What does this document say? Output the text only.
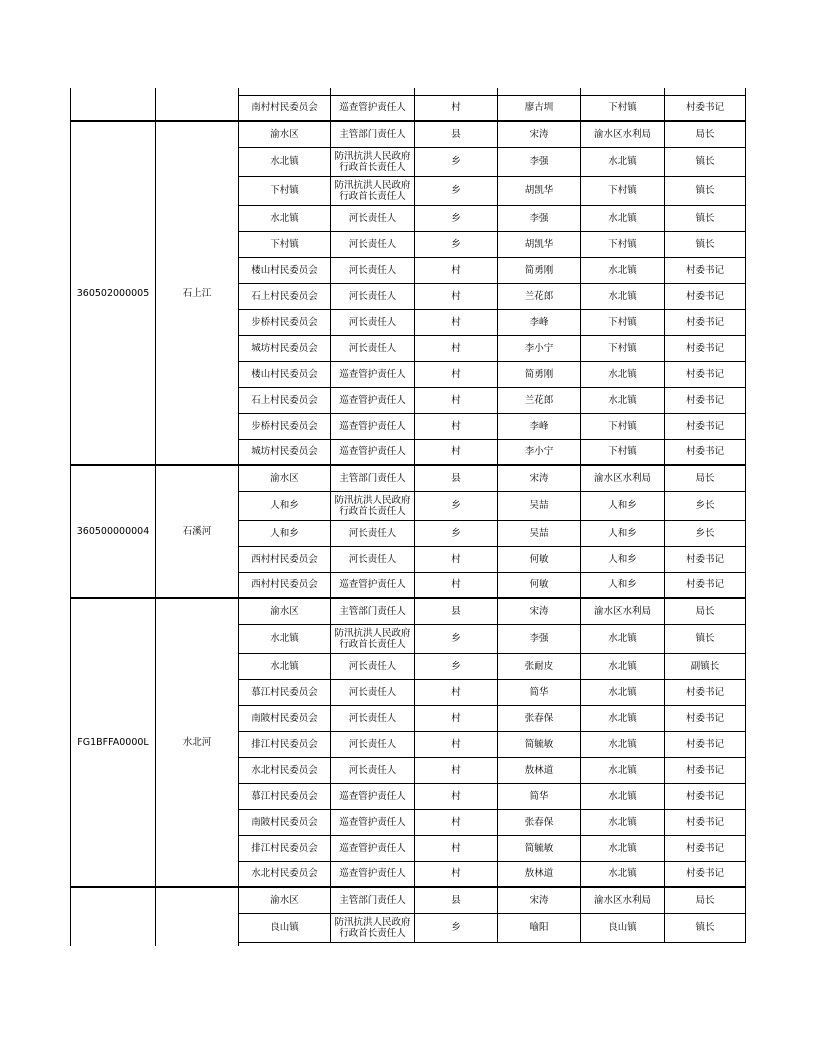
		南村村民委员会	巡查管护责任人	村	廖古圳	下村镇	村委书记
360502000005	石上江	渝水区	主管部门责任人	县	宋涛	渝水区水利局	局长
		水北镇	防汛抗洪人民政府行政首长责任人	乡	李强	水北镇	镇长
		下村镇	防汛抗洪人民政府行政首长责任人	乡	胡凯华	下村镇	镇长
		水北镇	河长责任人	乡	李强	水北镇	镇长
		下村镇	河长责任人	乡	胡凯华	下村镇	镇长
		楼山村民委员会	河长责任人	村	简勇刚	水北镇	村委书记
		石上村民委员会	河长责任人	村	兰花郎	水北镇	村委书记
		步桥村民委员会	河长责任人	村	李峰	下村镇	村委书记
		城坊村民委员会	河长责任人	村	李小宁	下村镇	村委书记
		楼山村民委员会	巡查管护责任人	村	简勇刚	水北镇	村委书记
		石上村民委员会	巡查管护责任人	村	兰花郎	水北镇	村委书记
		步桥村民委员会	巡查管护责任人	村	李峰	下村镇	村委书记
		城坊村民委员会	巡查管护责任人	村	李小宁	下村镇	村委书记
360500000004	石溪河	渝水区	主管部门责任人	县	宋涛	渝水区水利局	局长
		人和乡	防汛抗洪人民政府行政首长责任人	乡	吴喆	人和乡	乡长
		人和乡	河长责任人	乡	吴喆	人和乡	乡长
		西村村民委员会	河长责任人	村	何敏	人和乡	村委书记
		西村村民委员会	巡查管护责任人	村	何敏	人和乡	村委书记
FG1BFFA0000L	水北河	渝水区	主管部门责任人	县	宋涛	渝水区水利局	局长
		水北镇	防汛抗洪人民政府行政首长责任人	乡	李强	水北镇	镇长
		水北镇	河长责任人	乡	张耐皮	水北镇	副镇长
		慕江村民委员会	河长责任人	村	简华	水北镇	村委书记
		南陂村民委员会	河长责任人	村	张春保	水北镇	村委书记
		排江村民委员会	河长责任人	村	简毓敏	水北镇	村委书记
		水北村民委员会	河长责任人	村	敖林道	水北镇	村委书记
		慕江村民委员会	巡查管护责任人	村	简华	水北镇	村委书记
		南陂村民委员会	巡查管护责任人	村	张春保	水北镇	村委书记
		排江村民委员会	巡查管护责任人	村	简毓敏	水北镇	村委书记
		水北村民委员会	巡查管护责任人	村	敖林道	水北镇	村委书记
		渝水区	主管部门责任人	县	宋涛	渝水区水利局	局长
		良山镇	防汛抗洪人民政府行政首长责任人	乡	喻阳	良山镇	镇长
